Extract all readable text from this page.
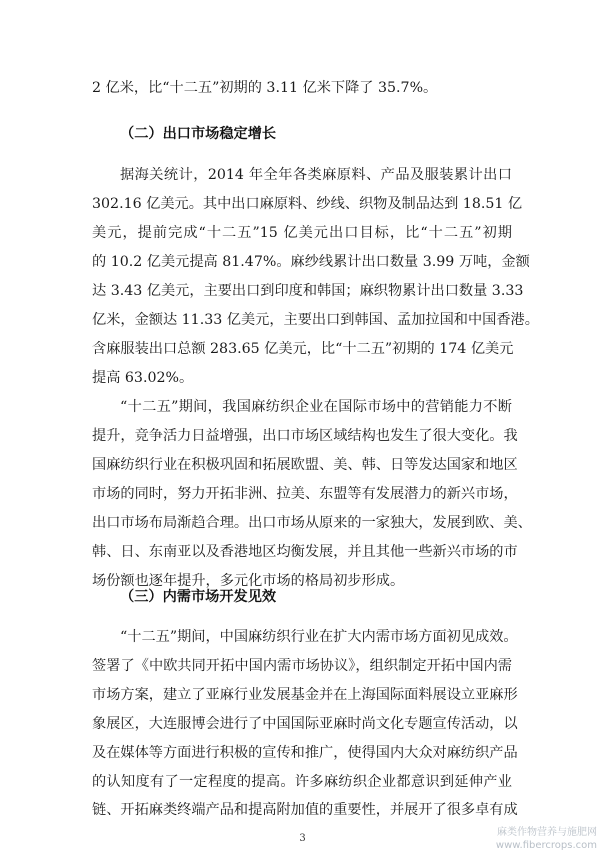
2 亿米，比“十二五”初期的 3.11 亿米下降了 35.7%。
（二）出口市场稳定增长
据海关统计，2014 年全年各类麻原料、产品及服装累计出口
302.16 亿美元。其中出口麻原料、纱线、织物及制品达到 18.51 亿
美元，提前完成“十二五”15 亿美元出口目标，比“十二五”初期
的 10.2 亿美元提高 81.47%。麻纱线累计出口数量 3.99 万吨，金额
达 3.43 亿美元，主要出口到印度和韩国；麻织物累计出口数量 3.33
亿米，金额达 11.33 亿美元，主要出口到韩国、孟加拉国和中国香港。
含麻服装出口总额 283.65 亿美元，比“十二五”初期的 174 亿美元
提高 63.02%。
“十二五”期间，我国麻纺织企业在国际市场中的营销能力不断
提升，竞争活力日益增强，出口市场区域结构也发生了很大变化。我
国麻纺织行业在积极巩固和拓展欧盟、美、韩、日等发达国家和地区
市场的同时，努力开拓非洲、拉美、东盟等有发展潜力的新兴市场，
出口市场布局渐趋合理。出口市场从原来的一家独大，发展到欧、美、
韩、日、东南亚以及香港地区均衡发展，并且其他一些新兴市场的市
场份额也逐年提升，多元化市场的格局初步形成。
（三）内需市场开发见效
“十二五”期间，中国麻纺织行业在扩大内需市场方面初见成效。
签署了《中欧共同开拓中国内需市场协议》，组织制定开拓中国内需
市场方案，建立了亚麻行业发展基金并在上海国际面料展设立亚麻形
象展区，大连服博会进行了中国国际亚麻时尚文化专题宣传活动，以
及在媒体等方面进行积极的宣传和推广，使得国内大众对麻纺织产品
的认知度有了一定程度的提高。许多麻纺织企业都意识到延伸产业
链、开拓麻类终端产品和提高附加值的重要性，并展开了很多卓有成
3
麻类作物营养与施肥网
www.fibercrops.com
